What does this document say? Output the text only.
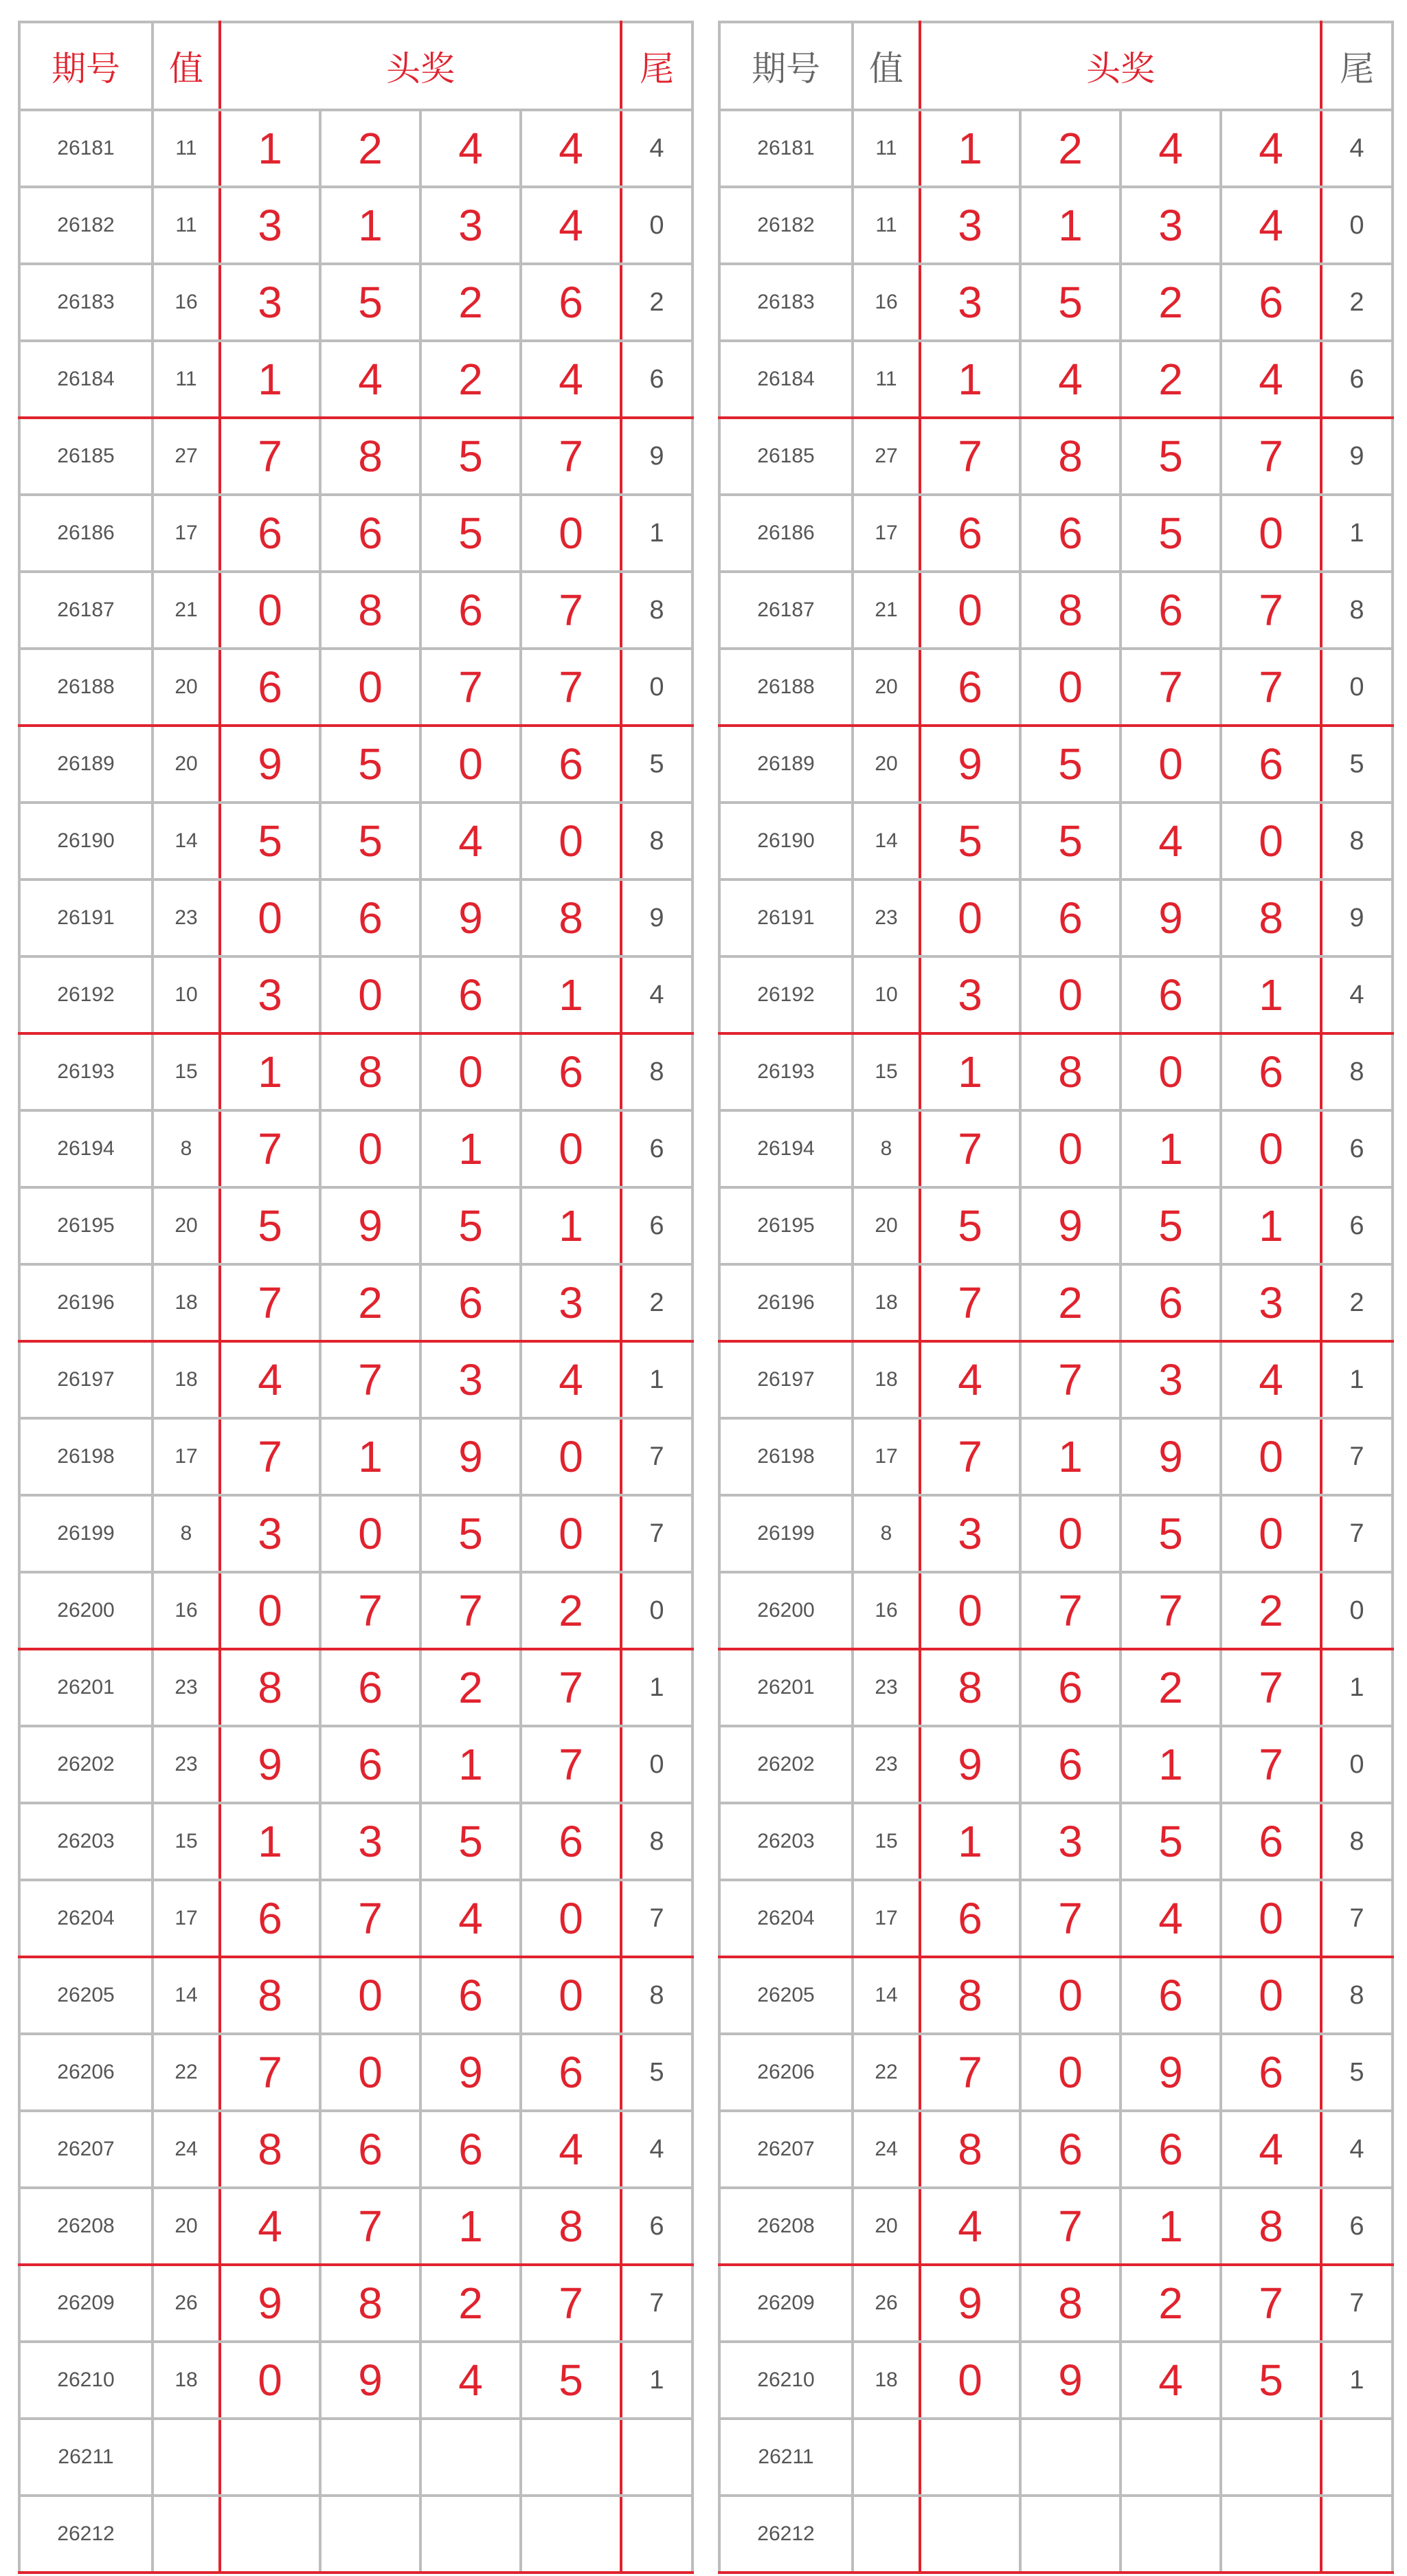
期号	值	头奖				尾
26181	11	1	2	4	4	4
26182	11	3	1	3	4	0
26183	16	3	5	2	6	2
26184	11	1	4	2	4	6
26185	27	7	8	5	7	9
26186	17	6	6	5	0	1
26187	21	0	8	6	7	8
26188	20	6	0	7	7	0
26189	20	9	5	0	6	5
26190	14	5	5	4	0	8
26191	23	0	6	9	8	9
26192	10	3	0	6	1	4
26193	15	1	8	0	6	8
26194	8	7	0	1	0	6
26195	20	5	9	5	1	6
26196	18	7	2	6	3	2
26197	18	4	7	3	4	1
26198	17	7	1	9	0	7
26199	8	3	0	5	0	7
26200	16	0	7	7	2	0
26201	23	8	6	2	7	1
26202	23	9	6	1	7	0
26203	15	1	3	5	6	8
26204	17	6	7	4	0	7
26205	14	8	0	6	0	8
26206	22	7	0	9	6	5
26207	24	8	6	6	4	4
26208	20	4	7	1	8	6
26209	26	9	8	2	7	7
26210	18	0	9	4	5	1
26211						
26212						
期号	值	头奖				尾
26181	11	1	2	4	4	4
26182	11	3	1	3	4	0
26183	16	3	5	2	6	2
26184	11	1	4	2	4	6
26185	27	7	8	5	7	9
26186	17	6	6	5	0	1
26187	21	0	8	6	7	8
26188	20	6	0	7	7	0
26189	20	9	5	0	6	5
26190	14	5	5	4	0	8
26191	23	0	6	9	8	9
26192	10	3	0	6	1	4
26193	15	1	8	0	6	8
26194	8	7	0	1	0	6
26195	20	5	9	5	1	6
26196	18	7	2	6	3	2
26197	18	4	7	3	4	1
26198	17	7	1	9	0	7
26199	8	3	0	5	0	7
26200	16	0	7	7	2	0
26201	23	8	6	2	7	1
26202	23	9	6	1	7	0
26203	15	1	3	5	6	8
26204	17	6	7	4	0	7
26205	14	8	0	6	0	8
26206	22	7	0	9	6	5
26207	24	8	6	6	4	4
26208	20	4	7	1	8	6
26209	26	9	8	2	7	7
26210	18	0	9	4	5	1
26211						
26212						
